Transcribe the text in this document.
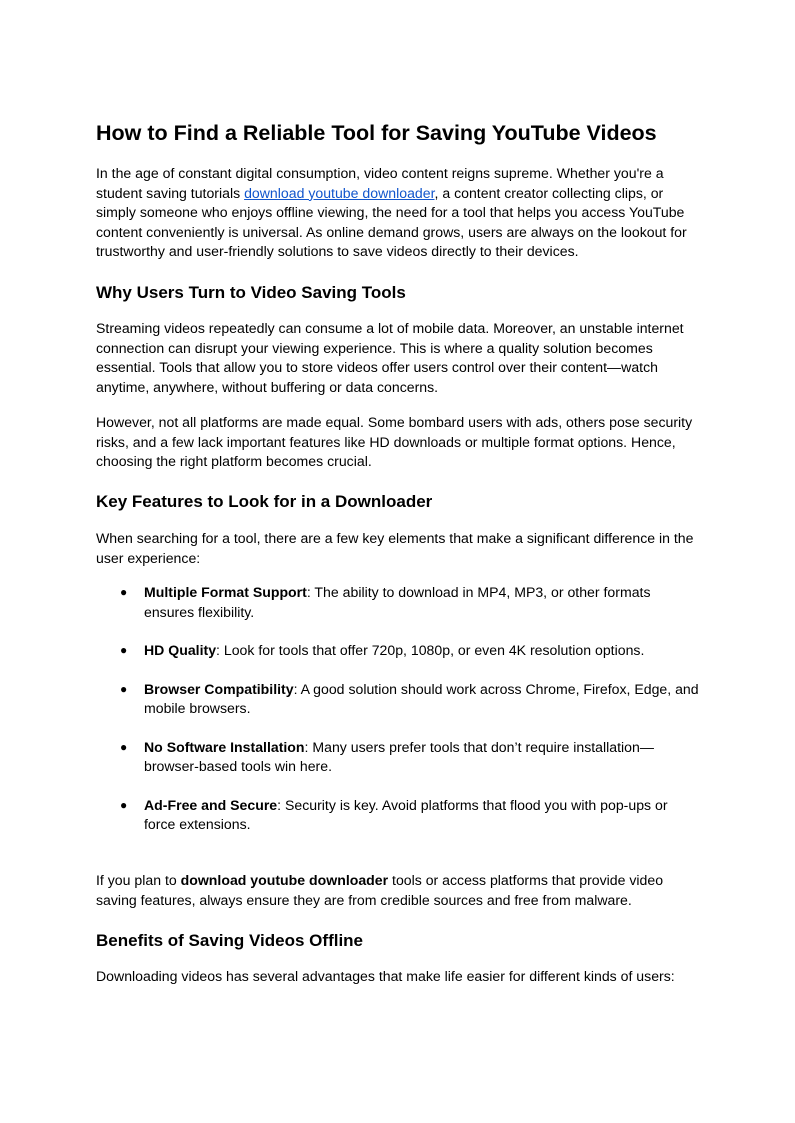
How to Find a Reliable Tool for Saving YouTube Videos

In the age of constant digital consumption, video content reigns supreme. Whether you're a student saving tutorials download youtube downloader, a content creator collecting clips, or simply someone who enjoys offline viewing, the need for a tool that helps you access YouTube content conveniently is universal. As online demand grows, users are always on the lookout for trustworthy and user-friendly solutions to save videos directly to their devices.

Why Users Turn to Video Saving Tools

Streaming videos repeatedly can consume a lot of mobile data. Moreover, an unstable internet connection can disrupt your viewing experience. This is where a quality solution becomes essential. Tools that allow you to store videos offer users control over their content—watch anytime, anywhere, without buffering or data concerns.

However, not all platforms are made equal. Some bombard users with ads, others pose security risks, and a few lack important features like HD downloads or multiple format options. Hence, choosing the right platform becomes crucial.

Key Features to Look for in a Downloader

When searching for a tool, there are a few key elements that make a significant difference in the user experience:

● Multiple Format Support: The ability to download in MP4, MP3, or other formats ensures flexibility.
● HD Quality: Look for tools that offer 720p, 1080p, or even 4K resolution options.
● Browser Compatibility: A good solution should work across Chrome, Firefox, Edge, and mobile browsers.
● No Software Installation: Many users prefer tools that don’t require installation—browser-based tools win here.
● Ad-Free and Secure: Security is key. Avoid platforms that flood you with pop-ups or force extensions.

If you plan to download youtube downloader tools or access platforms that provide video saving features, always ensure they are from credible sources and free from malware.

Benefits of Saving Videos Offline

Downloading videos has several advantages that make life easier for different kinds of users:
